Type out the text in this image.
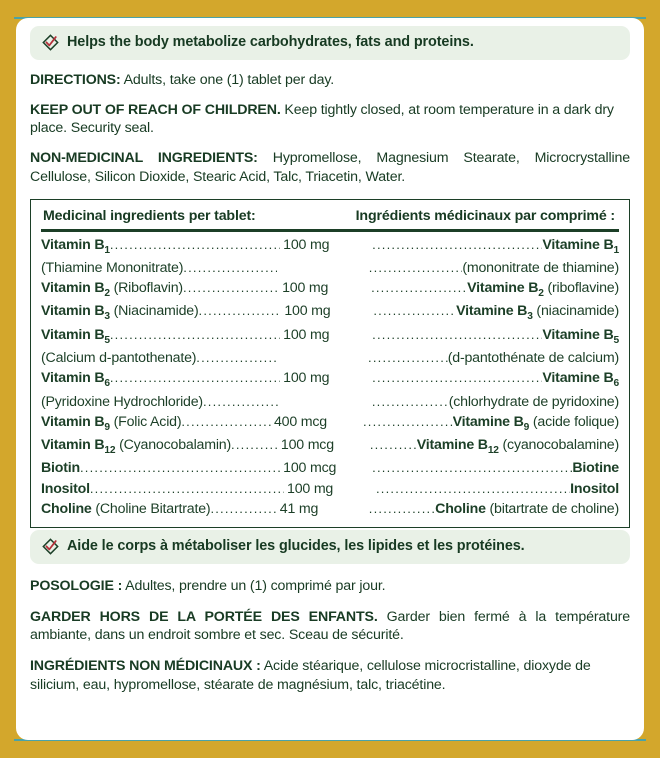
Helps the body metabolize carbohydrates, fats and proteins.
DIRECTIONS: Adults, take one (1) tablet per day.
KEEP OUT OF REACH OF CHILDREN. Keep tightly closed, at room temperature in a dark dry place. Security seal.
NON-MEDICINAL INGREDIENTS: Hypromellose, Magnesium Stearate, Microcrystalline Cellulose, Silicon Dioxide, Stearic Acid, Talc, Triacetin, Water.
Medicinal ingredients per tablet:	Ingrédients médicinaux par comprimé :
Vitamin $B_1$ .....	100 mg .....	Vitamine $B_1$
(Thiamine Mononitrate) ..... .....	(mononitrate de thiamine)
Vitamin $B_2$ (Riboflavin) .....	100 mg .....	Vitamine $B_2$ (riboflavine)
Vitamin $B_3$ (Niacinamide) .....	100 mg .....	Vitamine $B_3$ (niacinamide)
Vitamin $B_5$ .....	100 mg .....	Vitamine $B_5$
(Calcium d-pantothenate) ..... .....	(d-pantothénate de calcium)
Vitamin $B_6$ .....	100 mg .....	Vitamine $B_6$
(Pyridoxine Hydrochloride) ..... .....	(chlorhydrate de pyridoxine)
Vitamin $B_9$ (Folic Acid) .....	400 mcg .....	Vitamine $B_9$ (acide folique)
Vitamin $B_{12}$ (Cyanocobalamin) .....	100 mcg .....	Vitamine $B_{12}$ (cyanocobalamine)
Biotin .....	100 mcg .....	Biotine
Inositol .....	100 mg .....	Inositol
Choline (Choline Bitartrate) .....	41 mg .....	Choline (bitartrate de choline)
Aide le corps à métaboliser les glucides, les lipides et les protéines.
POSOLOGIE : Adultes, prendre un (1) comprimé par jour.
GARDER HORS DE LA PORTÉE DES ENFANTS. Garder bien fermé à la température ambiante, dans un endroit sombre et sec. Sceau de sécurité.
INGRÉDIENTS NON MÉDICINAUX : Acide stéarique, cellulose microcristalline, dioxyde de silicium, eau, hypromellose, stéarate de magnésium, talc, triacétine.
